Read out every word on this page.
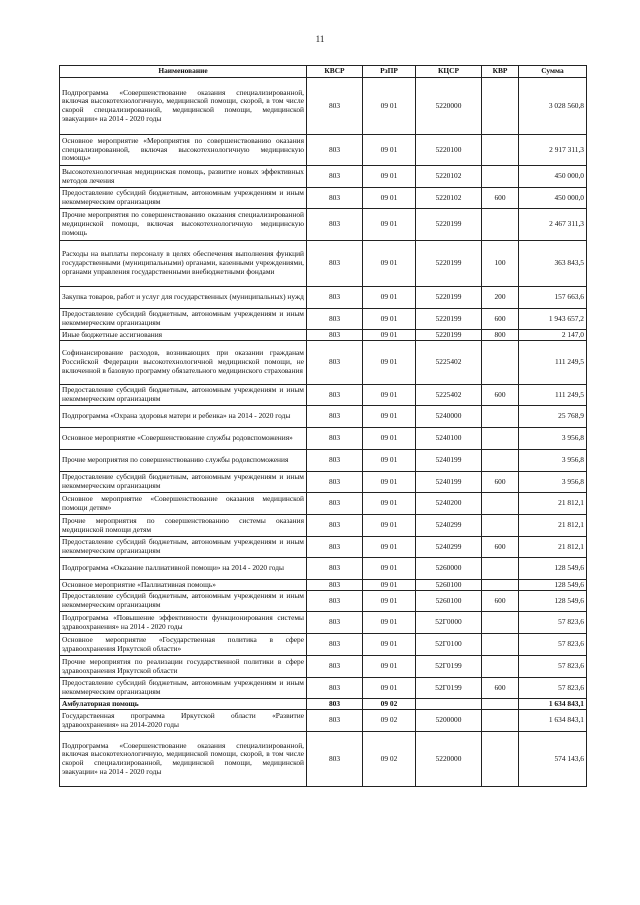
11
Наименование	КВСР	РзПР	КЦСР	КВР	Сумма
Подпрограмма «Совершенствование оказания специализированной, включая высокотехнологичную, медицинской помощи, скорой, в том числе скорой специализированной, медицинской помощи, медицинской эвакуации» на 2014 - 2020 годы	803	09 01	5220000		3 028 560,8
Основное мероприятие «Мероприятия по совершенствованию оказания специализированной, включая высокотехнологичную медицинскую помощь»	803	09 01	5220100		2 917 311,3
Высокотехнологичная медицинская помощь, развитие новых эффективных методов лечения	803	09 01	5220102		450 000,0
Предоставление субсидий бюджетным, автономным учреждениям и иным некоммерческим организациям	803	09 01	5220102	600	450 000,0
Прочие мероприятия по совершенствованию оказания специализированной медицинской помощи, включая высокотехнологичную медицинскую помощь	803	09 01	5220199		2 467 311,3
Расходы на выплаты персоналу в целях обеспечения выполнения функций государственными (муниципальными) органами, казенными учреждениями, органами управления государственными внебюджетными фондами	803	09 01	5220199	100	363 843,5
Закупка товаров, работ и услуг для государственных (муниципальных) нужд	803	09 01	5220199	200	157 663,6
Предоставление субсидий бюджетным, автономным учреждениям и иным некоммерческим организациям	803	09 01	5220199	600	1 943 657,2
Иные бюджетные ассигнования	803	09 01	5220199	800	2 147,0
Софинансирование расходов, возникающих при оказании гражданам Российской Федерации высокотехнологичной медицинской помощи, не включенной в базовую программу обязательного медицинского страхования	803	09 01	5225402		111 249,5
Предоставление субсидий бюджетным, автономным учреждениям и иным некоммерческим организациям	803	09 01	5225402	600	111 249,5
Подпрограмма «Охрана здоровья матери и ребенка» на 2014 - 2020 годы	803	09 01	5240000		25 768,9
Основное мероприятие «Совершенствование службы родовспоможения»	803	09 01	5240100		3 956,8
Прочие мероприятия по совершенствованию службы родовспоможения	803	09 01	5240199		3 956,8
Предоставление субсидий бюджетным, автономным учреждениям и иным некоммерческим организациям	803	09 01	5240199	600	3 956,8
Основное мероприятие «Совершенствование оказания медицинской помощи детям»	803	09 01	5240200		21 812,1
Прочие мероприятия по совершенствованию системы оказания медицинской помощи детям	803	09 01	5240299		21 812,1
Предоставление субсидий бюджетным, автономным учреждениям и иным некоммерческим организациям	803	09 01	5240299	600	21 812,1
Подпрограмма «Оказание паллиативной помощи» на 2014 - 2020 годы	803	09 01	5260000		128 549,6
Основное мероприятие «Паллиативная помощь»	803	09 01	5260100		128 549,6
Предоставление субсидий бюджетным, автономным учреждениям и иным некоммерческим организациям	803	09 01	5260100	600	128 549,6
Подпрограмма «Повышение эффективности функционирования системы здравоохранения» на 2014 - 2020 годы	803	09 01	52Г0000		57 823,6
Основное мероприятие «Государственная политика в сфере здравоохранения Иркутской области»	803	09 01	52Г0100		57 823,6
Прочие мероприятия по реализации государственной политики в сфере здравоохранения Иркутской области	803	09 01	52Г0199		57 823,6
Предоставление субсидий бюджетным, автономным учреждениям и иным некоммерческим организациям	803	09 01	52Г0199	600	57 823,6
Амбулаторная помощь	803	09 02			1 634 843,1
Государственная программа Иркутской области «Развитие здравоохранения» на 2014-2020 годы	803	09 02	5200000		1 634 843,1
Подпрограмма «Совершенствование оказания специализированной, включая высокотехнологичную, медицинской помощи, скорой, в том числе скорой специализированной, медицинской помощи, медицинской эвакуации» на 2014 - 2020 годы	803	09 02	5220000		574 143,6
